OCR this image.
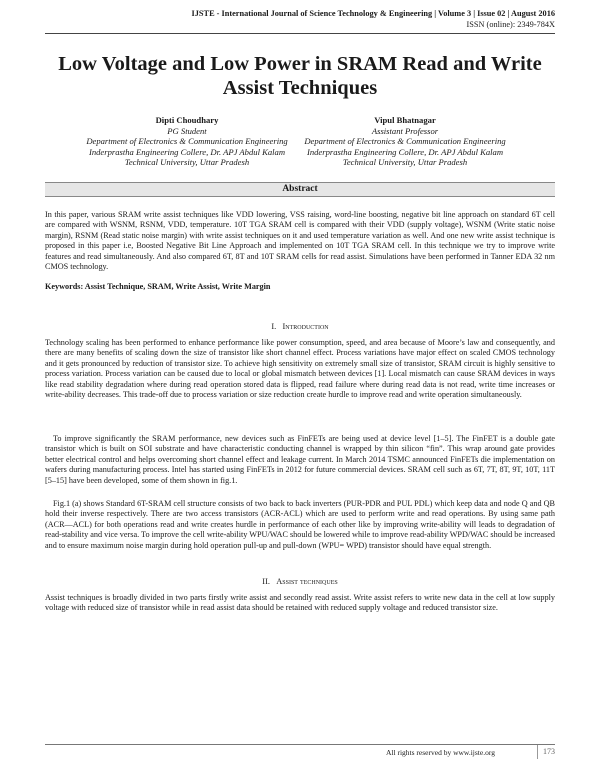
IJSTE - International Journal of Science Technology & Engineering | Volume 3 | Issue 02 | August 2016
ISSN (online): 2349-784X
Low Voltage and Low Power in SRAM Read and Write Assist Techniques
Dipti Choudhary
PG Student
Department of Electronics & Communication Engineering
Inderprastha Engineering Collere, Dr. APJ Abdul Kalam
Technical University, Uttar Pradesh
Vipul Bhatnagar
Assistant Professor
Department of Electronics & Communication Engineering
Inderprastha Engineering Collere, Dr. APJ Abdul Kalam
Technical University, Uttar Pradesh
Abstract

In this paper, various SRAM write assist techniques like VDD lowering, VSS raising, word-line boosting, negative bit line approach on standard 6T cell are compared with WSNM, RSNM, VDD, temperature. 10T TGA SRAM cell is compared with their VDD (supply voltage), WSNM (Write static noise margin), RSNM (Read static noise margin) with write assist techniques on it and used temperature variation as well. And one new write assist technique is proposed in this paper i.e, Boosted Negative Bit Line Approach and implemented on 10T TGA SRAM cell. In this technique we try to improve write features and read simultaneously. And also compared 6T, 8T and 10T SRAM cells for read assist. Simulations have been performed in Tanner EDA 32 nm CMOS technology.

Keywords: Assist Technique, SRAM, Write Assist, Write Margin

I. Introduction

Technology scaling has been performed to enhance performance like power consumption, speed, and area because of Moore’s law and consequently, and there are many benefits of scaling down the size of transistor like short channel effect. Process variations have major effect on scaled CMOS technology and it gets pronounced by reduction of transistor size. To achieve high sensitivity on extremely small size of transistor, SRAM circuit is highly sensitive to process variation. Process variation can be caused due to local or global mismatch between devices [1]. Local mismatch can cause SRAM devices in ways like read stability degradation where during read operation stored data is flipped, read failure where during read data is not read, write time increases or write-ability decreases. This trade-off due to process variation or size reduction create hurdle to improve read and write operation simultaneously.

To improve significantly the SRAM performance, new devices such as FinFETs are being used at device level [1–5]. The FinFET is a double gate transistor which is built on SOI substrate and have characteristic conducting channel is wrapped by thin silicon “fin”. This wrap around gate provides better electrical control and helps overcoming short channel effect and leakage current. In March 2014 TSMC announced FinFETs die implementation on wafers during manufacturing process. Intel has started using FinFETs in 2012 for future commercial devices. SRAM cell such as 6T, 7T, 8T, 9T, 10T, 11T [5–15] have been developed, some of them shown in fig.1.

Fig.1 (a) shows Standard 6T-SRAM cell structure consists of two back to back inverters (PUR-PDR and PUL PDL) which keep data and node Q and QB hold their inverse respectively. There are two access transistors (ACR-ACL) which are used to perform write and read operations. By using same path (ACR—ACL) for both operations read and write creates hurdle in performance of each other like by improving write-ability will leads to degradation of read-stability and vice versa. To improve the cell write-ability WPU/WAC should be lowered while to improve read-ability WPD/WAC should be increased and to ensure maximum noise margin during hold operation pull-up and pull-down (WPU= WPD) transistor should have equal strength.

II. Assist techniques

Assist techniques is broadly divided in two parts firstly write assist and secondly read assist. Write assist refers to write new data in the cell at low supply voltage with reduced size of transistor while in read assist data should be retained with reduced supply voltage and reduced transistor size.

All rights reserved by www.ijste.org	173
